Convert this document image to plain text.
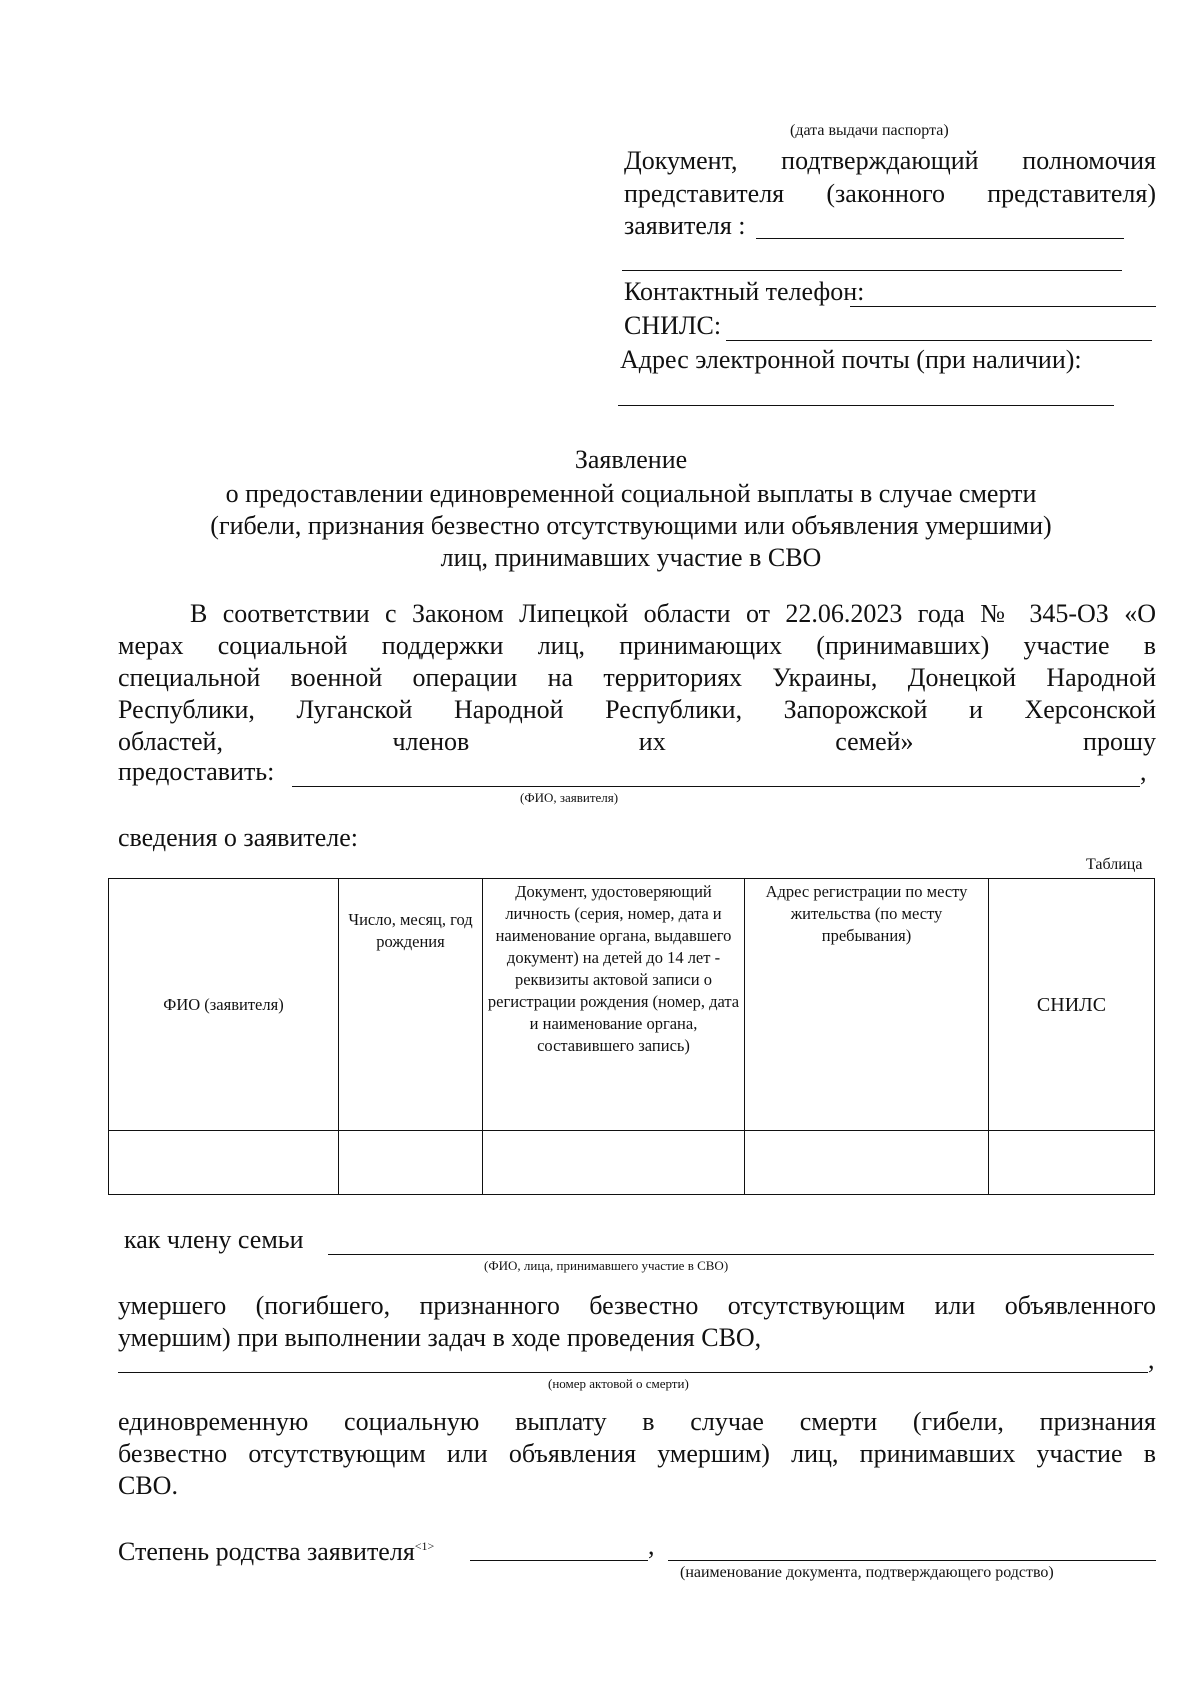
(дата выдачи паспорта)
Документ, подтверждающий полномочия
представителя (законного представителя)
заявителя :
Контактный телефон:
СНИЛС:
Адрес электронной почты (при наличии):
Заявление
о предоставлении единовременной социальной выплаты в случае смерти
(гибели, признания безвестно отсутствующими или объявления умершими)
лиц, принимавших участие в СВО
В соответствии с Законом Липецкой области от 22.06.2023 года № 345-ОЗ «О
мерах социальной поддержки лиц, принимающих (принимавших) участие в
специальной военной операции на территориях Украины, Донецкой Народной
Республики, Луганской Народной Республики, Запорожской и Херсонской
областей, членов их семей» прошу
предоставить:	,
(ФИО, заявителя)
сведения о заявителе:
Таблица
ФИО (заявителя)	Число, месяц, год рождения	Документ, удостоверяющий личность (серия, номер, дата и наименование органа, выдавшего документ) на детей до 14 лет - реквизиты актовой записи о регистрации рождения (номер, дата и наименование органа, составившего запись)	Адрес регистрации по месту жительства (по месту пребывания)	СНИЛС

как члену семьи
(ФИО, лица, принимавшего участие в СВО)
умершего (погибшего, признанного безвестно отсутствующим или объявленного
умершим) при выполнении задач в ходе проведения СВО,
,
(номер актовой о смерти)
единовременную социальную выплату в случае смерти (гибели, признания
безвестно отсутствующим или объявления умершим) лиц, принимавших участие в
СВО.
Степень родства заявителя$^{<1>}$	,
(наименование документа, подтверждающего родство)
